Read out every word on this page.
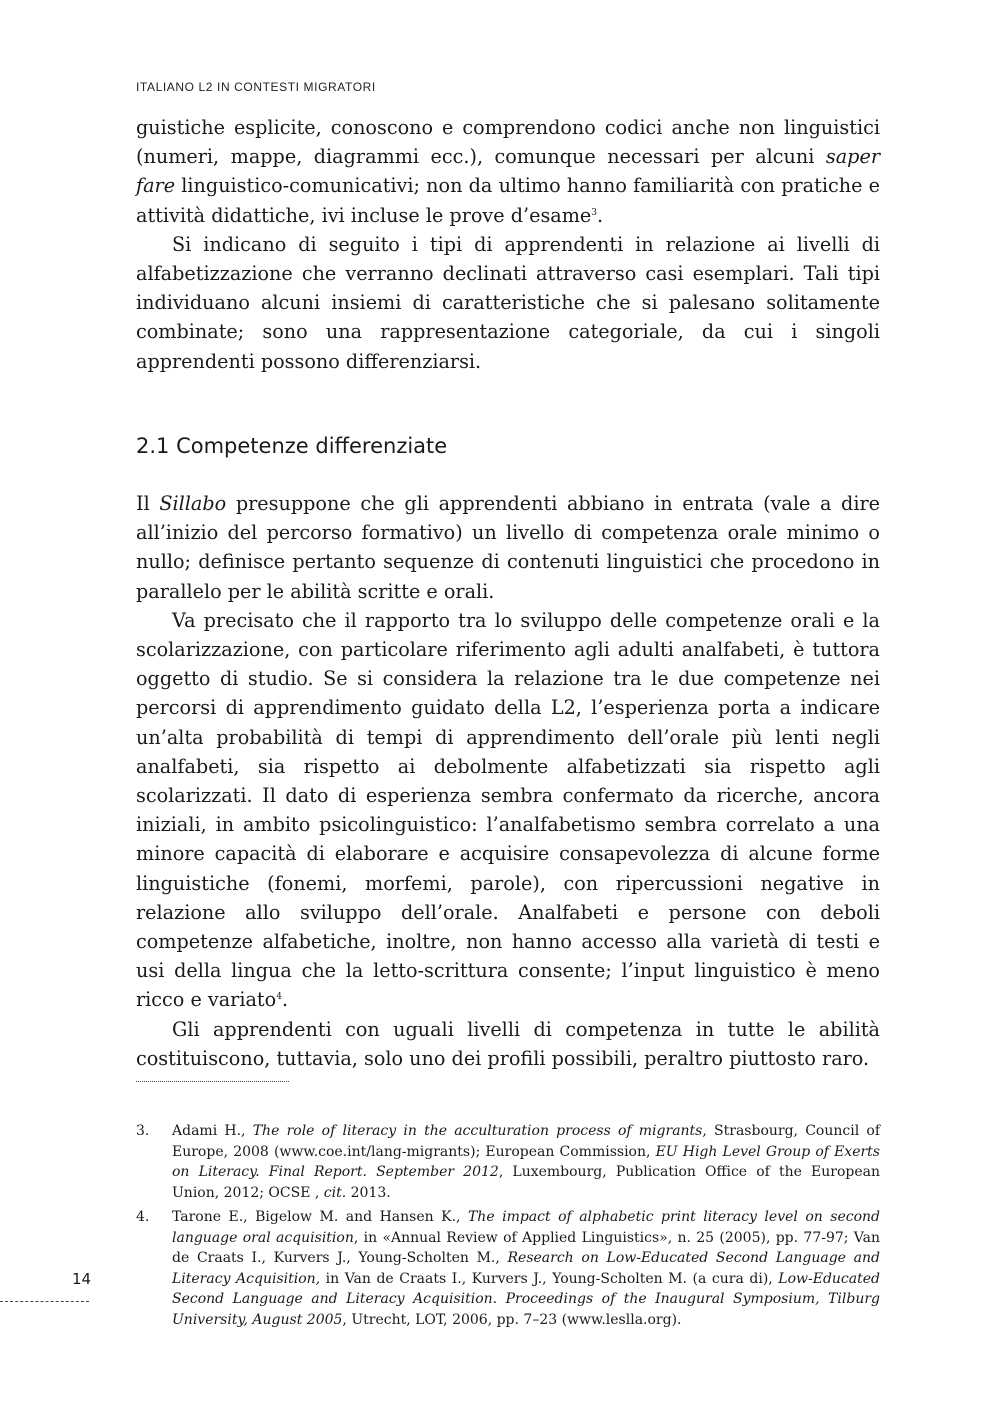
ITALIANO L2 IN CONTESTI MIGRATORI

guistiche esplicite, conoscono e comprendono codici anche non linguistici (numeri, mappe, diagrammi ecc.), comunque necessari per alcuni saper fare linguistico-comunicativi; non da ultimo hanno familiarità con pratiche e attività didattiche, ivi incluse le prove d’esame$^3$.

Si indicano di seguito i tipi di apprendenti in relazione ai livelli di alfabetizzazione che verranno declinati attraverso casi esemplari. Tali tipi individuano alcuni insiemi di caratteristiche che si palesano solitamente combinate; sono una rappresentazione categoriale, da cui i singoli apprendenti possono differenziarsi.

2.1 Competenze differenziate

Il Sillabo presuppone che gli apprendenti abbiano in entrata (vale a dire all’inizio del percorso formativo) un livello di competenza orale minimo o nullo; definisce pertanto sequenze di contenuti linguistici che procedono in parallelo per le abilità scritte e orali.

Va precisato che il rapporto tra lo sviluppo delle competenze orali e la scolarizzazione, con particolare riferimento agli adulti analfabeti, è tuttora oggetto di studio. Se si considera la relazione tra le due competenze nei percorsi di apprendimento guidato della L2, l’esperienza porta a indicare un’alta probabilità di tempi di apprendimento dell’orale più lenti negli analfabeti, sia rispetto ai debolmente alfabetizzati sia rispetto agli scolarizzati. Il dato di esperienza sembra confermato da ricerche, ancora iniziali, in ambito psicolinguistico: l’analfabetismo sembra correlato a una minore capacità di elaborare e acquisire consapevolezza di alcune forme linguistiche (fonemi, morfemi, parole), con ripercussioni negative in relazione allo sviluppo dell’orale. Analfabeti e persone con deboli competenze alfabetiche, inoltre, non hanno accesso alla varietà di testi e usi della lingua che la letto-scrittura consente; l’input linguistico è meno ricco e variato$^4$.

Gli apprendenti con uguali livelli di competenza in tutte le abilità costituiscono, tuttavia, solo uno dei profili possibili, peraltro piuttosto raro.

3.	Adami H., The role of literacy in the acculturation process of migrants, Strasbourg, Council of Europe, 2008 (www.coe.int/lang-migrants); European Commission, EU High Level Group of Exerts on Literacy. Final Report. September 2012, Luxembourg, Publication Office of the European Union, 2012; OCSE , cit. 2013.
4.	Tarone E., Bigelow M. and Hansen K., The impact of alphabetic print literacy level on second language oral acquisition, in «Annual Review of Applied Linguistics», n. 25 (2005), pp. 77-97; Van de Craats I., Kurvers J., Young-Scholten M., Research on Low-Educated Second Language and Literacy Acquisition, in Van de Craats I., Kurvers J., Young-Scholten M. (a cura di), Low-Educated Second Language and Literacy Acquisition. Proceedings of the Inaugural Symposium, Tilburg University, August 2005, Utrecht, LOT, 2006, pp. 7–23 (www.leslla.org).
14
